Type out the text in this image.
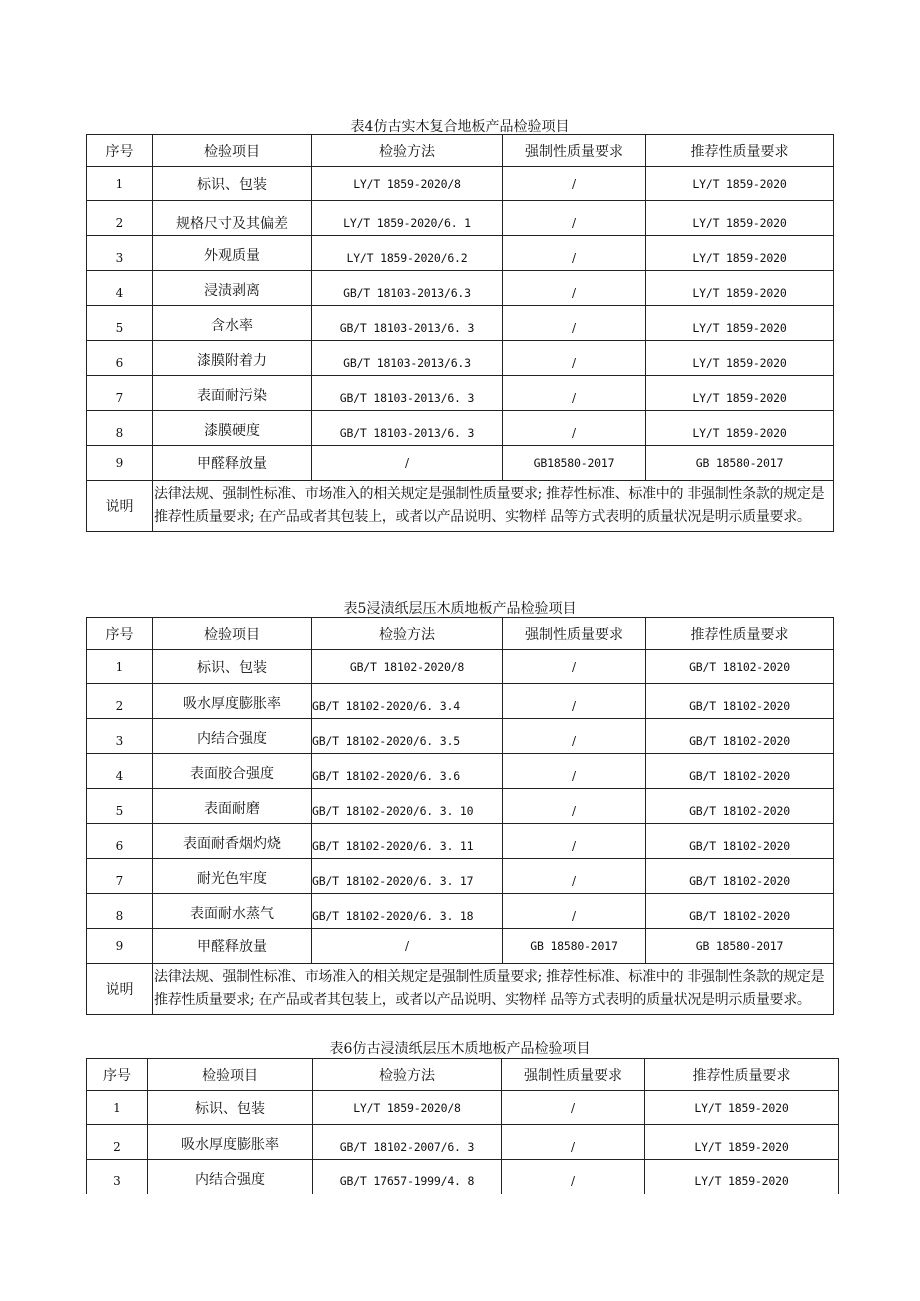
表4仿古实木复合地板产品检验项目
序号	检验项目	检验方法	强制性质量要求	推荐性质量要求
1	标识、包装	LY/T 1859-2020/8	/	LY/T 1859-2020
2	规格尺寸及其偏差	LY/T 1859-2020/6. 1	/	LY/T 1859-2020
3	外观质量	LY/T 1859-2020/6.2	/	LY/T 1859-2020
4	浸渍剥离	GB/T 18103-2013/6.3	/	LY/T 1859-2020
5	含水率	GB/T 18103-2013/6. 3	/	LY/T 1859-2020
6	漆膜附着力	GB/T 18103-2013/6.3	/	LY/T 1859-2020
7	表面耐污染	GB/T 18103-2013/6. 3	/	LY/T 1859-2020
8	漆膜硬度	GB/T 18103-2013/6. 3	/	LY/T 1859-2020
9	甲醛释放量	/	GB18580-2017	GB 18580-2017
说明	法律法规、强制性标准、市场准入的相关规定是强制性质量要求; 推荐性标准、标准中的 非强制性条款的规定是推荐性质量要求; 在产品或者其包装上，或者以产品说明、实物样 品等方式表明的质量状况是明示质量要求。			
表5浸渍纸层压木质地板产品检验项目
序号	检验项目	检验方法	强制性质量要求	推荐性质量要求
1	标识、包装	GB/T 18102-2020/8	/	GB/T 18102-2020
2	吸水厚度膨胀率	GB/T 18102-2020/6. 3.4	/	GB/T 18102-2020
3	内结合强度	GB/T 18102-2020/6. 3.5	/	GB/T 18102-2020
4	表面胶合强度	GB/T 18102-2020/6. 3.6	/	GB/T 18102-2020
5	表面耐磨	GB/T 18102-2020/6. 3. 10	/	GB/T 18102-2020
6	表面耐香烟灼烧	GB/T 18102-2020/6. 3. 11	/	GB/T 18102-2020
7	耐光色牢度	GB/T 18102-2020/6. 3. 17	/	GB/T 18102-2020
8	表面耐水蒸气	GB/T 18102-2020/6. 3. 18	/	GB/T 18102-2020
9	甲醛释放量	/	GB 18580-2017	GB 18580-2017
说明	法律法规、强制性标准、市场准入的相关规定是强制性质量要求; 推荐性标准、标准中的 非强制性条款的规定是推荐性质量要求; 在产品或者其包装上，或者以产品说明、实物样 品等方式表明的质量状况是明示质量要求。			
表6仿古浸渍纸层压木质地板产品检验项目
序号	检验项目	检验方法	强制性质量要求	推荐性质量要求
1	标识、包装	LY/T 1859-2020/8	/	LY/T 1859-2020
2	吸水厚度膨胀率	GB/T 18102-2007/6. 3	/	LY/T 1859-2020
3	内结合强度	GB/T 17657-1999/4. 8	/	LY/T 1859-2020
